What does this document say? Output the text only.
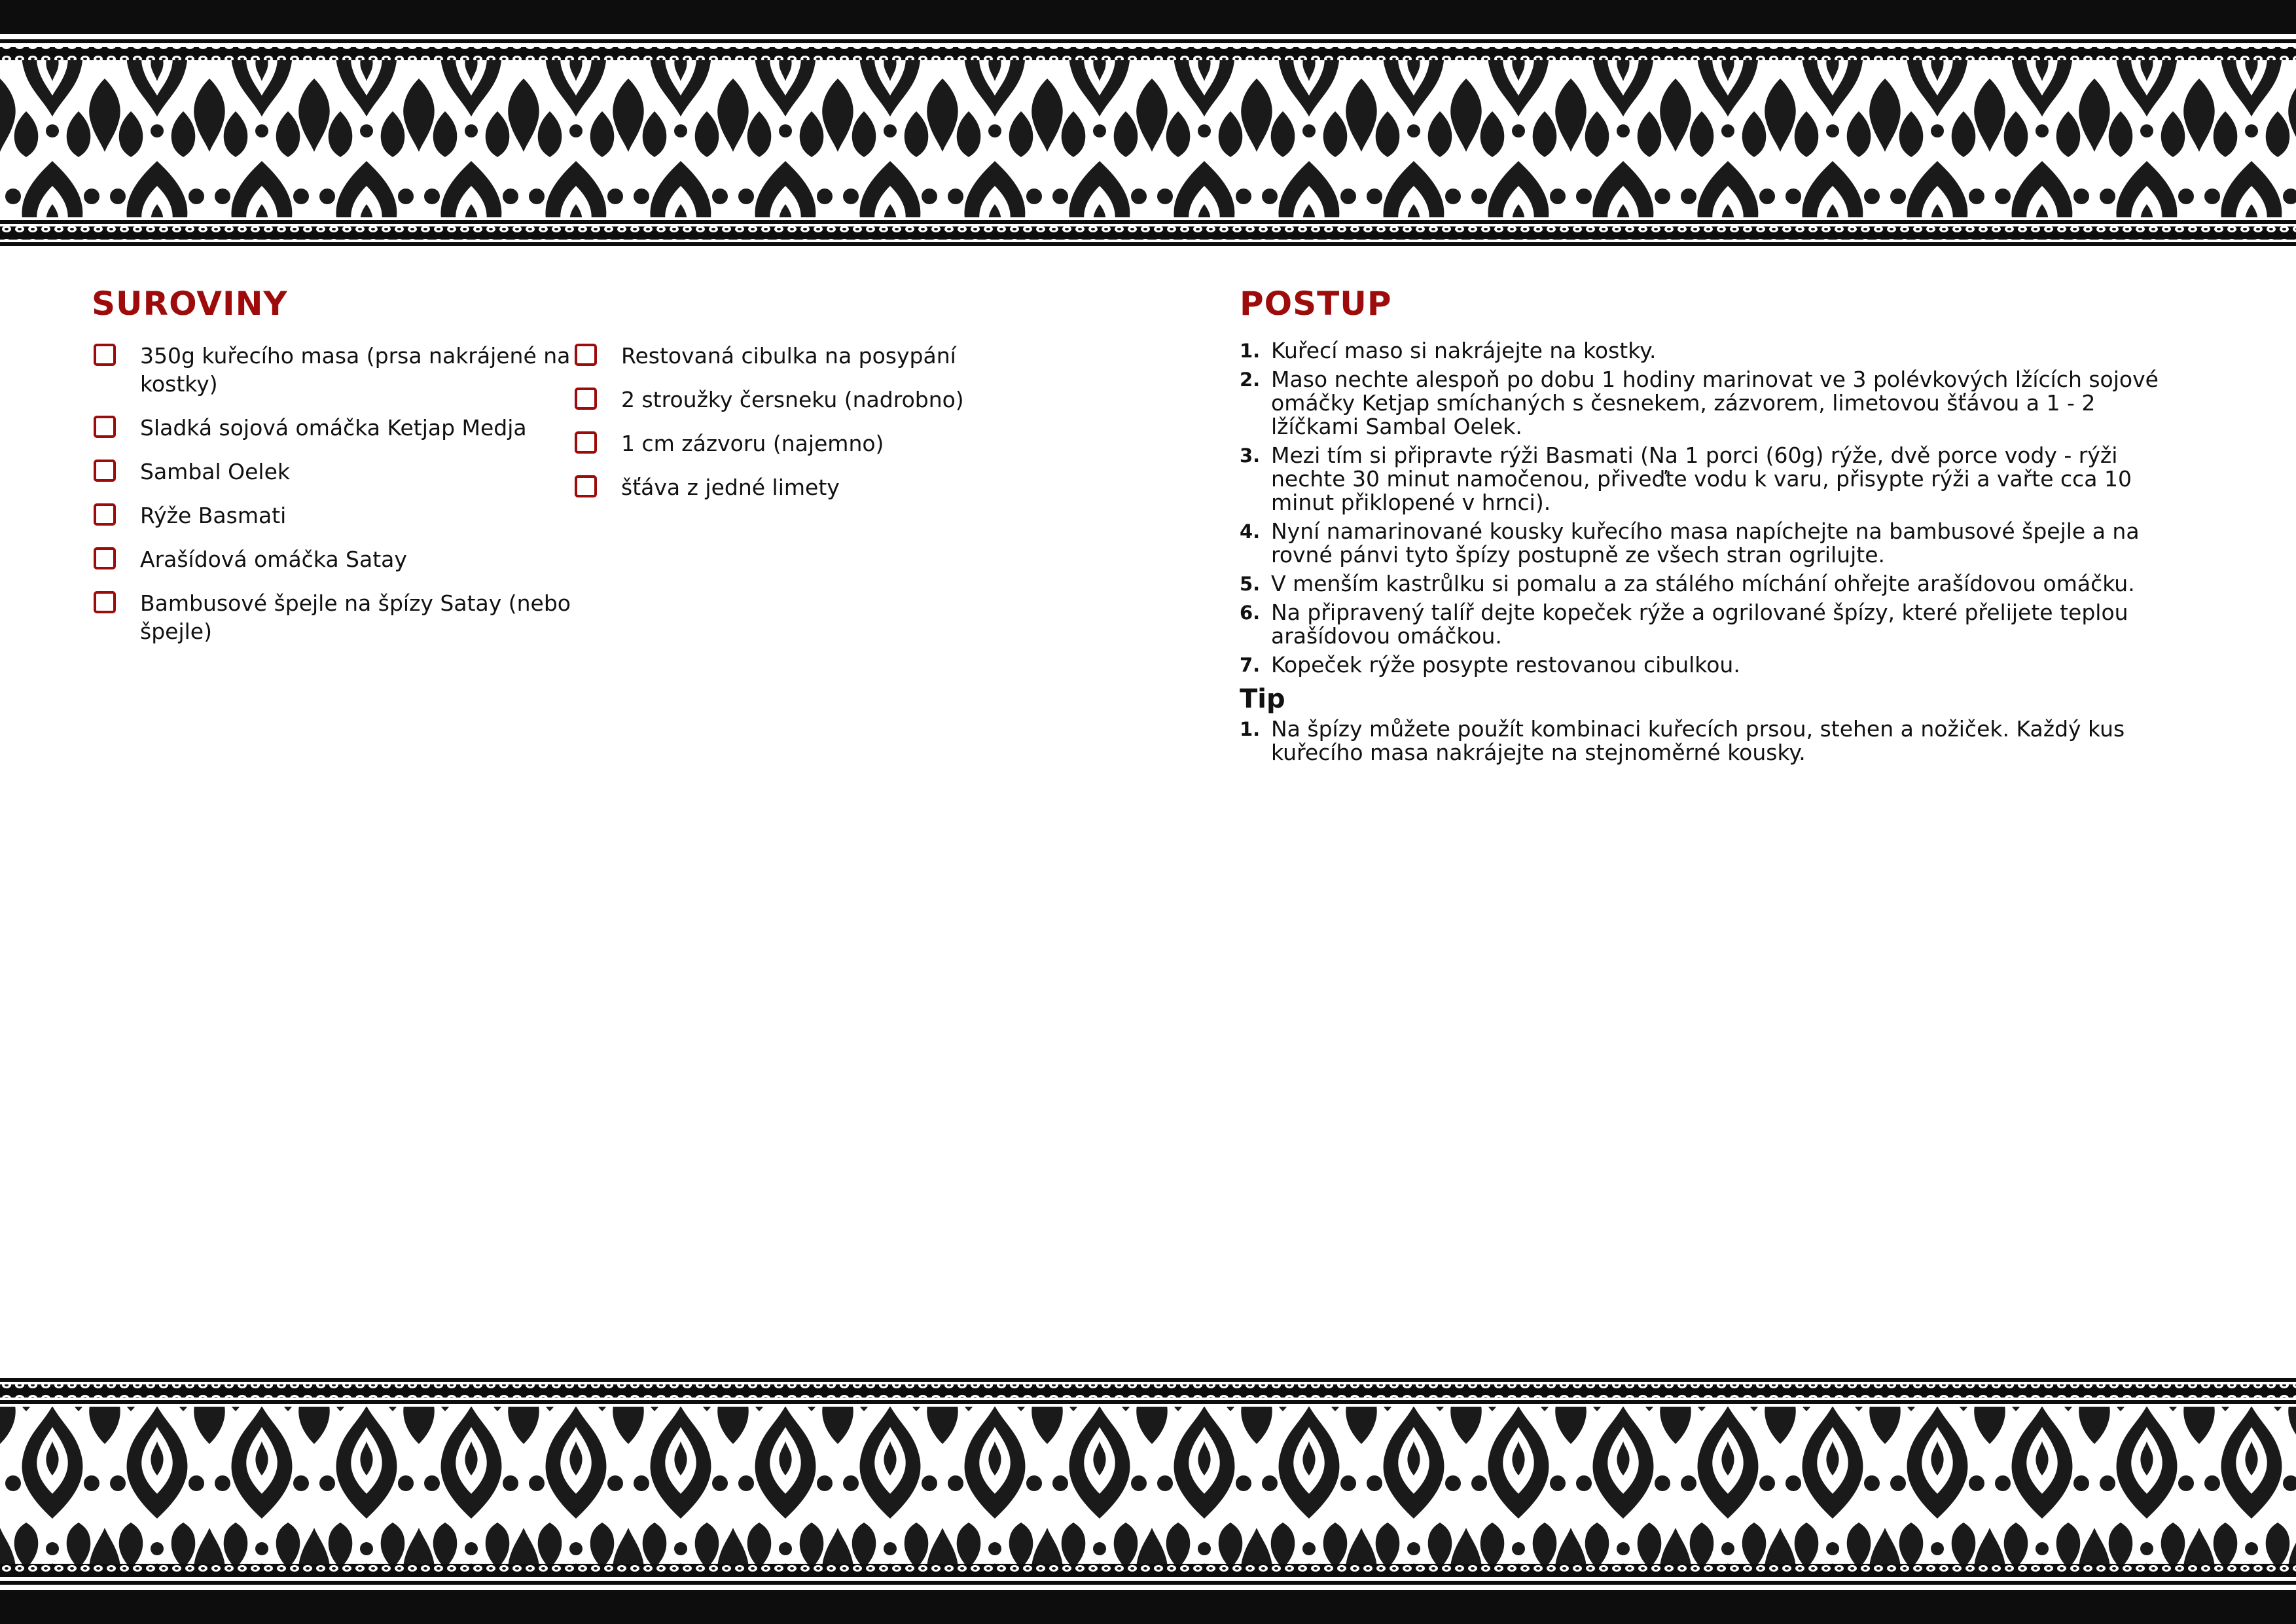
SUROVINY
350g kuřecího masa (prsa nakrájené na kostky)
Sladká sojová omáčka Ketjap Medja
Sambal Oelek
Rýže Basmati
Arašídová omáčka Satay
Bambusové špejle na špízy Satay (nebo špejle)
Restovaná cibulka na posypání
2 stroužky čersneku (nadrobno)
1 cm zázvoru (najemno)
šťáva z jedné limety
POSTUP
1. Kuřecí maso si nakrájejte na kostky.
2. Maso nechte alespoň po dobu 1 hodiny marinovat ve 3 polévkových lžících sojové omáčky Ketjap smíchaných s česnekem, zázvorem, limetovou šťávou a 1 - 2 lžíčkami Sambal Oelek.
3. Mezi tím si připravte rýži Basmati (Na 1 porci (60g) rýže, dvě porce vody - rýži nechte 30 minut namočenou, přiveďte vodu k varu, přisypte rýži a vařte cca 10 minut přiklopené v hrnci).
4. Nyní namarinované kousky kuřecího masa napíchejte na bambusové špejle a na rovné pánvi tyto špízy postupně ze všech stran ogrilujte.
5. V menším kastrůlku si pomalu a za stálého míchání ohřejte arašídovou omáčku.
6. Na připravený talíř dejte kopeček rýže a ogrilované špízy, které přelijete teplou arašídovou omáčkou.
7. Kopeček rýže posypte restovanou cibulkou.
Tip
1. Na špízy můžete použít kombinaci kuřecích prsou, stehen a nožiček. Každý kus kuřecího masa nakrájejte na stejnoměrné kousky.
